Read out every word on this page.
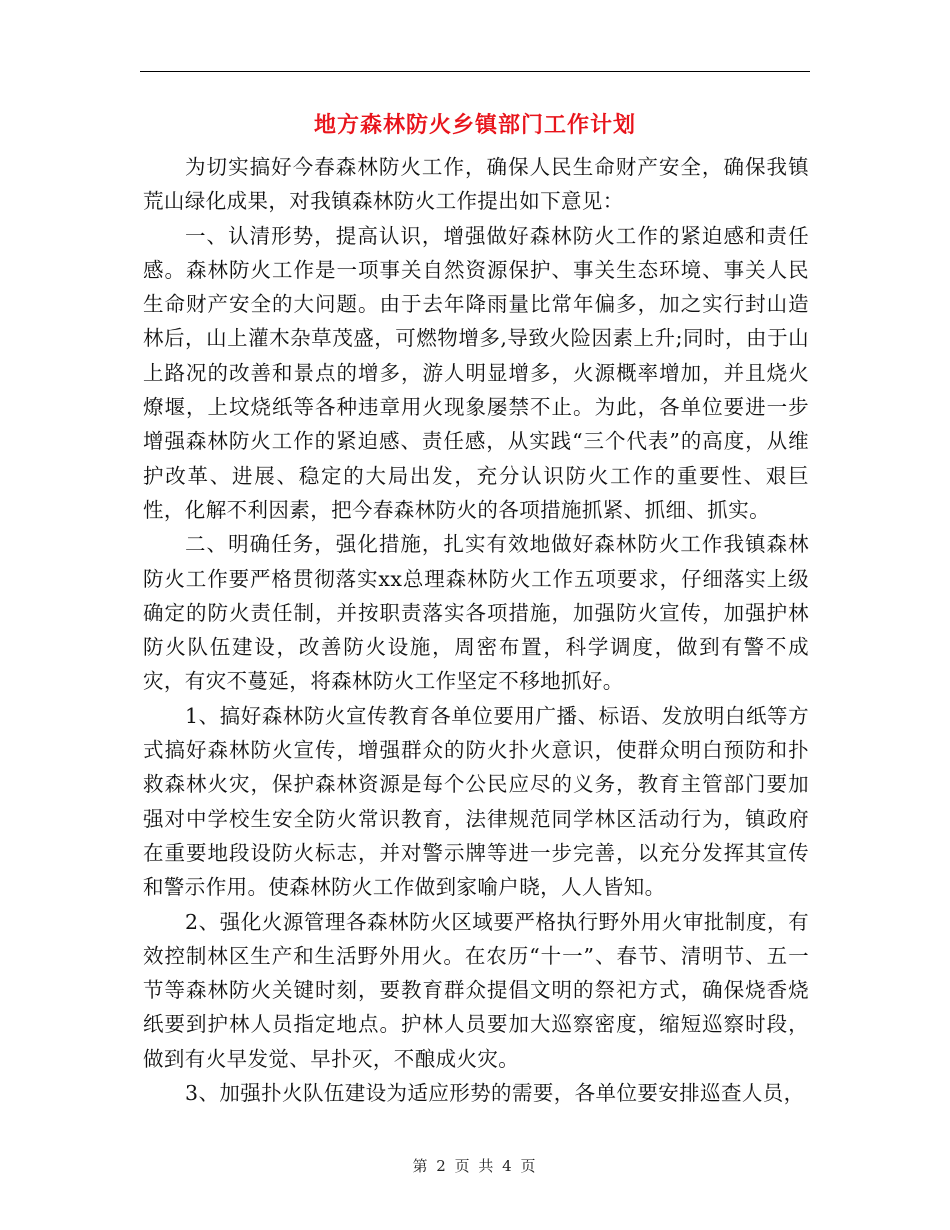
地方森林防火乡镇部门工作计划

为切实搞好今春森林防火工作，确保人民生命财产安全，确保我镇荒山绿化成果，对我镇森林防火工作提出如下意见：

一、认清形势，提高认识，增强做好森林防火工作的紧迫感和责任感。森林防火工作是一项事关自然资源保护、事关生态环境、事关人民生命财产安全的大问题。由于去年降雨量比常年偏多，加之实行封山造林后，山上灌木杂草茂盛，可燃物增多,导致火险因素上升;同时，由于山上路况的改善和景点的增多，游人明显增多，火源概率增加，并且烧火燎堰，上坟烧纸等各种违章用火现象屡禁不止。为此，各单位要进一步增强森林防火工作的紧迫感、责任感，从实践“三个代表”的高度，从维护改革、进展、稳定的大局出发，充分认识防火工作的重要性、艰巨性，化解不利因素，把今春森林防火的各项措施抓紧、抓细、抓实。

二、明确任务，强化措施，扎实有效地做好森林防火工作我镇森林防火工作要严格贯彻落实xx总理森林防火工作五项要求，仔细落实上级确定的防火责任制，并按职责落实各项措施，加强防火宣传，加强护林防火队伍建设，改善防火设施，周密布置，科学调度，做到有警不成灾，有灾不蔓延，将森林防火工作坚定不移地抓好。

1、搞好森林防火宣传教育各单位要用广播、标语、发放明白纸等方式搞好森林防火宣传，增强群众的防火扑火意识，使群众明白预防和扑救森林火灾，保护森林资源是每个公民应尽的义务，教育主管部门要加强对中学校生安全防火常识教育，法律规范同学林区活动行为，镇政府在重要地段设防火标志，并对警示牌等进一步完善，以充分发挥其宣传和警示作用。使森林防火工作做到家喻户晓，人人皆知。

2、强化火源管理各森林防火区域要严格执行野外用火审批制度，有效控制林区生产和生活野外用火。在农历“十一”、春节、清明节、五一节等森林防火关键时刻，要教育群众提倡文明的祭祀方式，确保烧香烧纸要到护林人员指定地点。护林人员要加大巡察密度，缩短巡察时段，做到有火早发觉、早扑灭，不酿成火灾。

3、加强扑火队伍建设为适应形势的需要，各单位要安排巡查人员，

第 2 页 共 4 页
